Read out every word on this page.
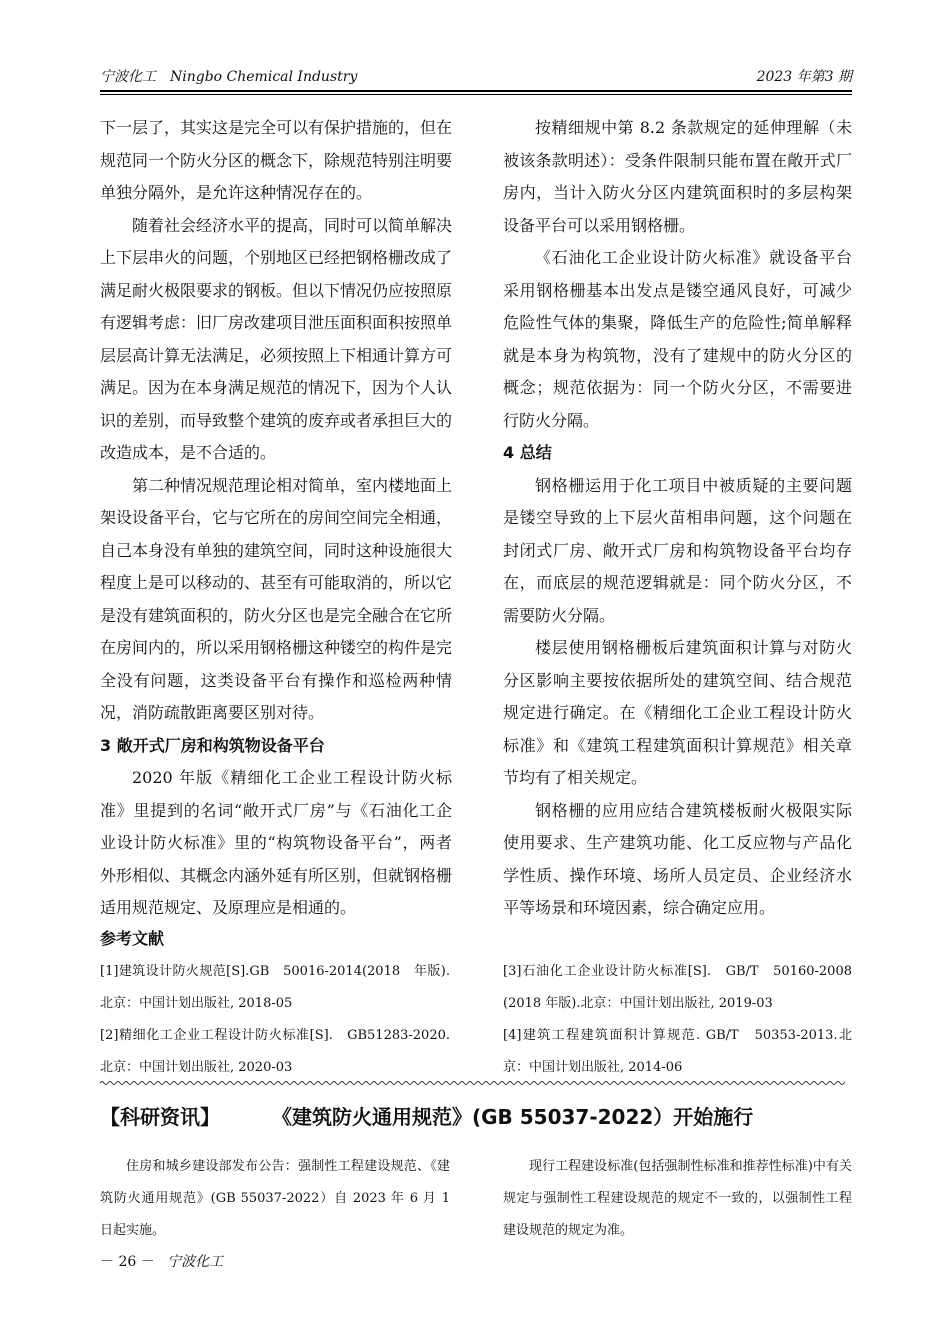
宁波化工　Ningbo Chemical Industry	2023 年第3 期

下一层了，其实这是完全可以有保护措施的，但在规范同一个防火分区的概念下，除规范特别注明要单独分隔外，是允许这种情况存在的。

随着社会经济水平的提高，同时可以简单解决上下层串火的问题，个别地区已经把钢格栅改成了满足耐火极限要求的钢板。但以下情况仍应按照原有逻辑考虑：旧厂房改建项目泄压面积面积按照单层层高计算无法满足，必须按照上下相通计算方可满足。因为在本身满足规范的情况下，因为个人认识的差别，而导致整个建筑的废弃或者承担巨大的改造成本，是不合适的。

第二种情况规范理论相对简单，室内楼地面上架设设备平台，它与它所在的房间空间完全相通，自己本身没有单独的建筑空间，同时这种设施很大程度上是可以移动的、甚至有可能取消的，所以它是没有建筑面积的，防火分区也是完全融合在它所在房间内的，所以采用钢格栅这种镂空的构件是完全没有问题，这类设备平台有操作和巡检两种情况，消防疏散距离要区别对待。

3 敞开式厂房和构筑物设备平台

2020 年版《精细化工企业工程设计防火标准》里提到的名词“敞开式厂房”与《石油化工企业设计防火标准》里的“构筑物设备平台”，两者外形相似、其概念内涵外延有所区别，但就钢格栅适用规范规定、及原理应是相通的。

按精细规中第 8.2 条款规定的延伸理解（未被该条款明述）：受条件限制只能布置在敞开式厂房内，当计入防火分区内建筑面积时的多层构架设备平台可以采用钢格栅。

《石油化工企业设计防火标准》就设备平台采用钢格栅基本出发点是镂空通风良好，可减少危险性气体的集聚，降低生产的危险性;简单解释就是本身为构筑物，没有了建规中的防火分区的概念；规范依据为：同一个防火分区，不需要进行防火分隔。

4 总结

钢格栅运用于化工项目中被质疑的主要问题是镂空导致的上下层火苗相串问题，这个问题在封闭式厂房、敞开式厂房和构筑物设备平台均存在，而底层的规范逻辑就是：同个防火分区，不需要防火分隔。

楼层使用钢格栅板后建筑面积计算与对防火分区影响主要按依据所处的建筑空间、结合规范规定进行确定。在《精细化工企业工程设计防火标准》和《建筑工程建筑面积计算规范》相关章节均有了相关规定。

钢格栅的应用应结合建筑楼板耐火极限实际使用要求、生产建筑功能、化工反应物与产品化学性质、操作环境、场所人员定员、企业经济水平等场景和环境因素，综合确定应用。

参考文献
[1]建筑设计防火规范[S].GB　50016-2014(2018　年版).北京：中国计划出版社, 2018-05
[2]精细化工企业工程设计防火标准[S].　GB51283-2020.北京：中国计划出版社, 2020-03
[3]石油化工企业设计防火标准[S].　GB/T　50160-2008 (2018 年版).北京：中国计划出版社, 2019-03
[4]建筑工程建筑面积计算规范. GB/T　50353-2013.北京：中国计划出版社, 2014-06
【科研资讯】	《建筑防火通用规范》(GB 55037-2022）开始施行

住房和城乡建设部发布公告：强制性工程建设规范、《建筑防火通用规范》(GB 55037-2022）自 2023 年 6 月 1 日起实施。

现行工程建设标准(包括强制性标准和推荐性标准)中有关规定与强制性工程建设规范的规定不一致的，以强制性工程建设规范的规定为准。

－ 26 － 宁波化工
